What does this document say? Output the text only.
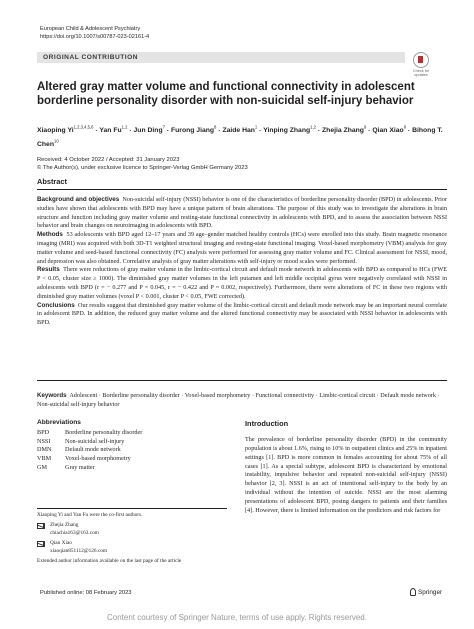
European Child & Adolescent Psychiatry
https://doi.org/10.1007/s00787-023-02161-4
ORIGINAL CONTRIBUTION
Check for
updates
Altered gray matter volume and functional connectivity in adolescent borderline personality disorder with non-suicidal self-injury behavior
Xiaoping Yi$^{1,2,3,4,5,6}$ · Yan Fu$^{1,2}$ · Jun Ding$^7$ · Furong Jiang$^8$ · Zaide Han$^1$ · Yinping Zhang$^{1,2}$ · Zhejia Zhang$^9$ · Qian Xiao$^8$ · Bihong T. Chen$^{10}$
Received: 4 October 2022 / Accepted: 31 January 2023
© The Author(s), under exclusive licence to Springer-Verlag GmbH Germany 2023
Abstract

Background and objectives Non-suicidal self-injury (NSSI) behavior is one of the characteristics of borderline personality disorder (BPD) in adolescents. Prior studies have shown that adolescents with BPD may have a unique pattern of brain alterations. The purpose of this study was to investigate the alterations in brain structure and function including gray matter volume and resting-state functional connectivity in adolescents with BPD, and to assess the association between NSSI behavior and brain changes on neuroimaging in adolescents with BPD.

Methods 53 adolescents with BPD aged 12–17 years and 39 age–gender matched healthy controls (HCs) were enrolled into this study. Brain magnetic resonance imaging (MRI) was acquired with both 3D-T1 weighted structural imaging and resting-state functional imaging. Voxel-based morphometry (VBM) analysis for gray matter volume and seed-based functional connectivity (FC) analysis were performed for assessing gray matter volume and FC. Clinical assessment for NSSI, mood, and depression was also obtained. Correlative analysis of gray matter alterations with self-injury or mood scales were performed.

Results There were reductions of gray matter volume in the limbic-cortical circuit and default mode network in adolescents with BPD as compared to HCs (FWE P < 0.05, cluster size ≥ 1000). The diminished gray matter volumes in the left putamen and left middle occipital gyrus were negatively correlated with NSSI in adolescents with BPD (r = − 0.277 and P = 0.045, r = − 0.422 and P = 0.002, respectively). Furthermore, there were alterations of FC in these two regions with diminished gray matter volumes (voxel P < 0.001, cluster P < 0.05, FWE corrected).

Conclusions Our results suggest that diminished gray matter volume of the limbic-cortical circuit and default mode network may be an important neural correlate in adolescent BPD. In addition, the reduced gray matter volume and the altered functional connectivity may be associated with NSSI behavior in adolescents with BPD.

Keywords Adolescent · Borderline personality disorder · Voxel-based morphometry · Functional connectivity · Limbic-cortical circuit · Default mode network · Non-suicidal self-injury behavior
Abbreviations
BPD	Borderline personality disorder
NSSI	Non-suicidal self-injury
DMN	Default mode network
VBM	Voxel-based morphometry
GM	Gray matter
Xiaoping Yi and Yan Fu were the co-first authors.
Zhejia Zhang
chiachia163@163.com
Qian Xiao
xiaoqian851112@126.com
Extended author information available on the last page of the article
Introduction

The prevalence of borderline personality disorder (BPD) in the community population is about 1.6%, rising to 10% in outpatient clinics and 25% in inpatient settings [1]. BPD is more common in females accounting for about 75% of all cases [1]. As a special subtype, adolescent BPD is characterized by emotional instability, impulsive behavior and repeated non-suicidal self-injury (NSSI) behavior [2, 3]. NSSI is an act of intentional self-injury to the body by an individual without the intention of suicide. NSSI are the most alarming presentations of adolescent BPD, posing dangers to patients and their families [4]. However, there is limited information on the predictors and risk factors for

Published online: 08 February 2023	Springer
Content courtesy of Springer Nature, terms of use apply. Rights reserved.
